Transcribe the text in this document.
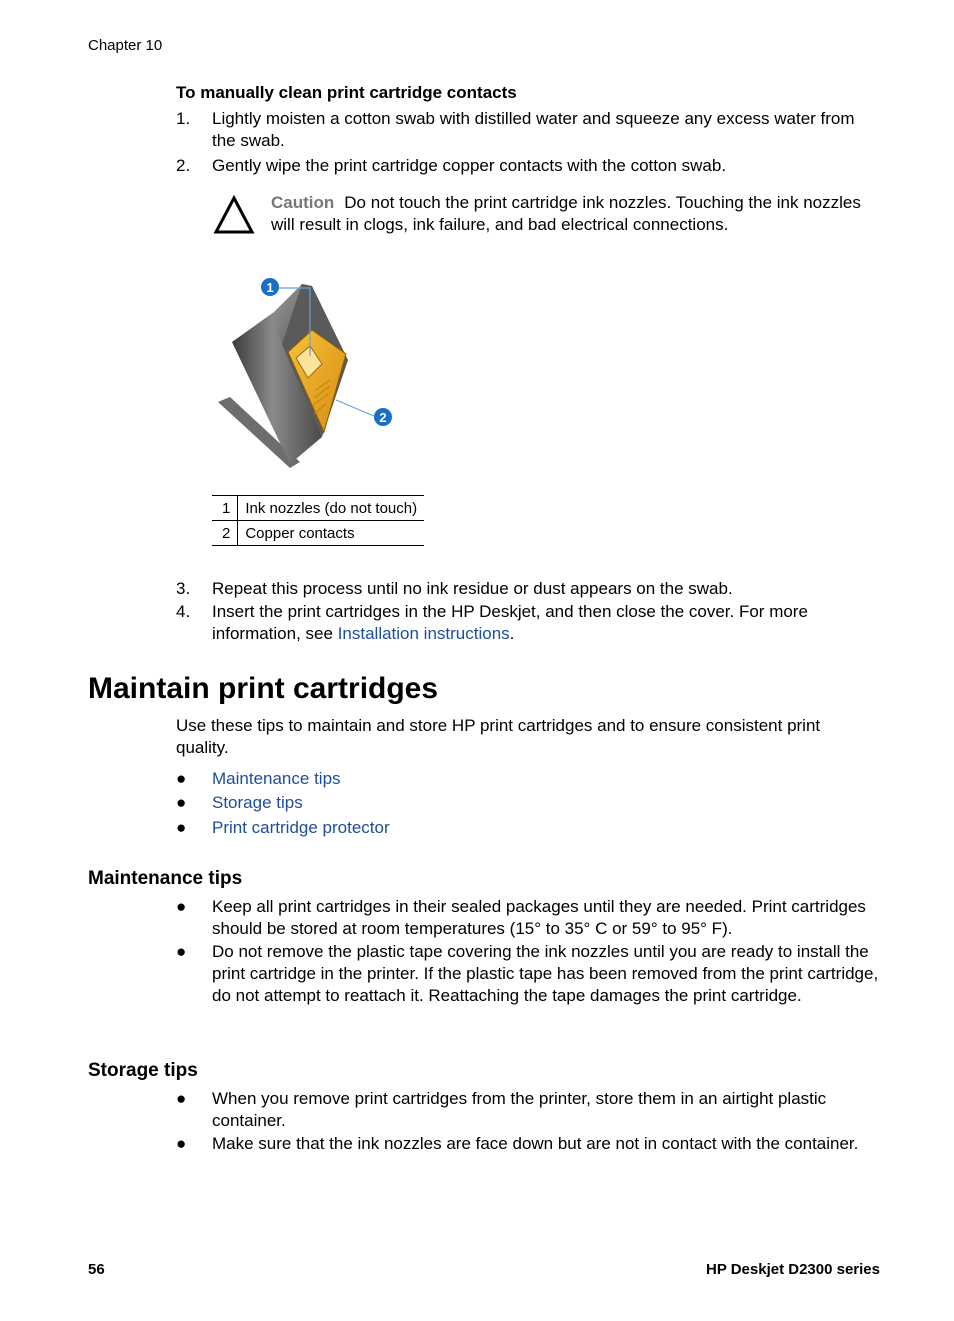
Chapter 10
To manually clean print cartridge contacts
1. Lightly moisten a cotton swab with distilled water and squeeze any excess water from the swab.
2. Gently wipe the print cartridge copper contacts with the cotton swab.
Caution Do not touch the print cartridge ink nozzles. Touching the ink nozzles will result in clogs, ink failure, and bad electrical connections.
1
2
1	Ink nozzles (do not touch)
2	Copper contacts
3. Repeat this process until no ink residue or dust appears on the swab.
4. Insert the print cartridges in the HP Deskjet, and then close the cover. For more information, see Installation instructions.
Maintain print cartridges
Use these tips to maintain and store HP print cartridges and to ensure consistent print quality.
● Maintenance tips
● Storage tips
● Print cartridge protector
Maintenance tips
● Keep all print cartridges in their sealed packages until they are needed. Print cartridges should be stored at room temperatures (15° to 35° C or 59° to 95° F).
● Do not remove the plastic tape covering the ink nozzles until you are ready to install the print cartridge in the printer. If the plastic tape has been removed from the print cartridge, do not attempt to reattach it. Reattaching the tape damages the print cartridge.
Storage tips
● When you remove print cartridges from the printer, store them in an airtight plastic container.
● Make sure that the ink nozzles are face down but are not in contact with the container.
56	HP Deskjet D2300 series
